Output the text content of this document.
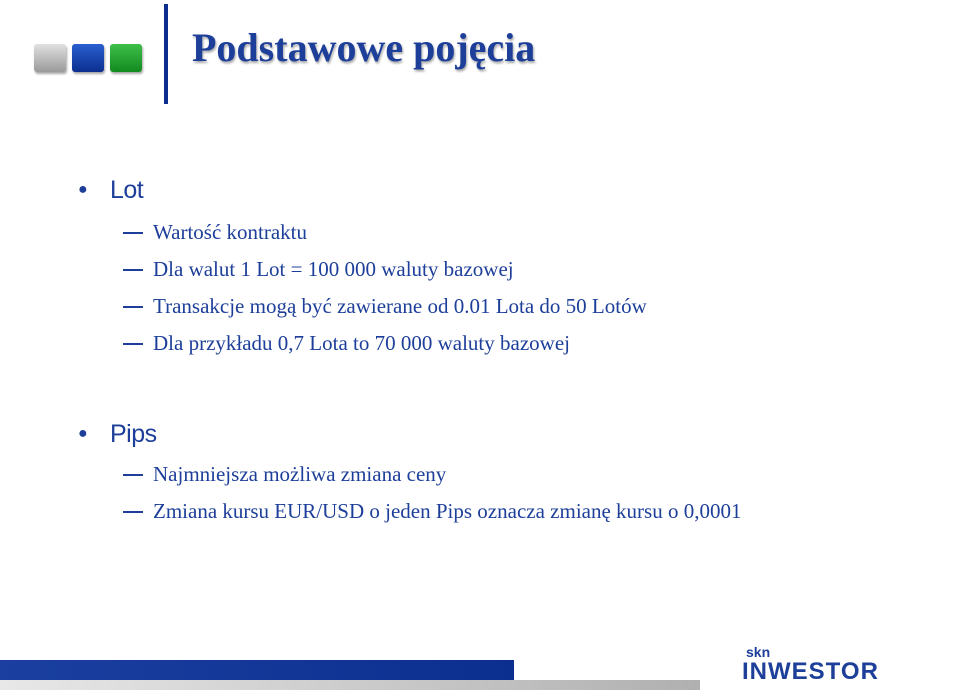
Podstawowe pojęcia
● Lot
Wartość kontraktu
Dla walut 1 Lot = 100 000 waluty bazowej
Transakcje mogą być zawierane od 0.01 Lota do 50 Lotów
Dla przykładu 0,7 Lota to 70 000 waluty bazowej
● Pips
Najmniejsza możliwa zmiana ceny
Zmiana kursu EUR/USD o jeden Pips oznacza zmianę kursu o 0,0001
skn
INWESTOR
